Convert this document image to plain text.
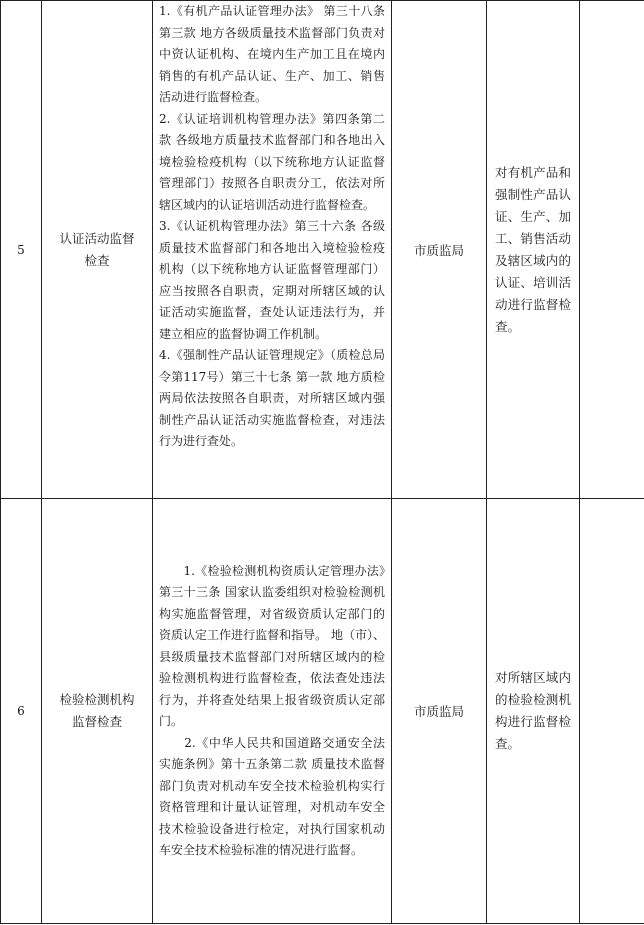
5	认证活动监督检查	1.《有机产品认证管理办法》 第三十八条第三款 地方各级质量技术监督部门负责对中资认证机构、在境内生产加工且在境内销售的有机产品认证、生产、加工、销售活动进行监督检查。

2.《认证培训机构管理办法》第四条第二款 各级地方质量技术监督部门和各地出入境检验检疫机构（以下统称地方认证监督管理部门）按照各自职责分工，依法对所辖区域内的认证培训活动进行监督检查。

3.《认证机构管理办法》第三十六条 各级质量技术监督部门和各地出入境检验检疫机构（以下统称地方认证监督管理部门）应当按照各自职责，定期对所辖区域的认证活动实施监督，查处认证违法行为，并建立相应的监督协调工作机制。

4.《强制性产品认证管理规定》（质检总局令第117号）第三十七条 第一款 地方质检两局依法按照各自职责，对所辖区域内强制性产品认证活动实施监督检查，对违法行为进行查处。	市质监局	对有机产品和强制性产品认证、生产、加工、销售活动及辖区域内的认证、培训活动进行监督检查。	

6	检验检测机构监督检查	　　1.《检验检测机构资质认定管理办法》　第三十三条 国家认监委组织对检验检测机构实施监督管理，对省级资质认定部门的资质认定工作进行监督和指导。 地（市）、县级质量技术监督部门对所辖区域内的检验检测机构进行监督检查，依法查处违法行为，并将查处结果上报省级资质认定部门。

　　2.《中华人民共和国道路交通安全法实施条例》第十五条第二款 质量技术监督部门负责对机动车安全技术检验机构实行资格管理和计量认证管理，对机动车安全技术检验设备进行检定，对执行国家机动车安全技术检验标准的情况进行监督。	市质监局	对所辖区域内的检验检测机构进行监督检查。	
